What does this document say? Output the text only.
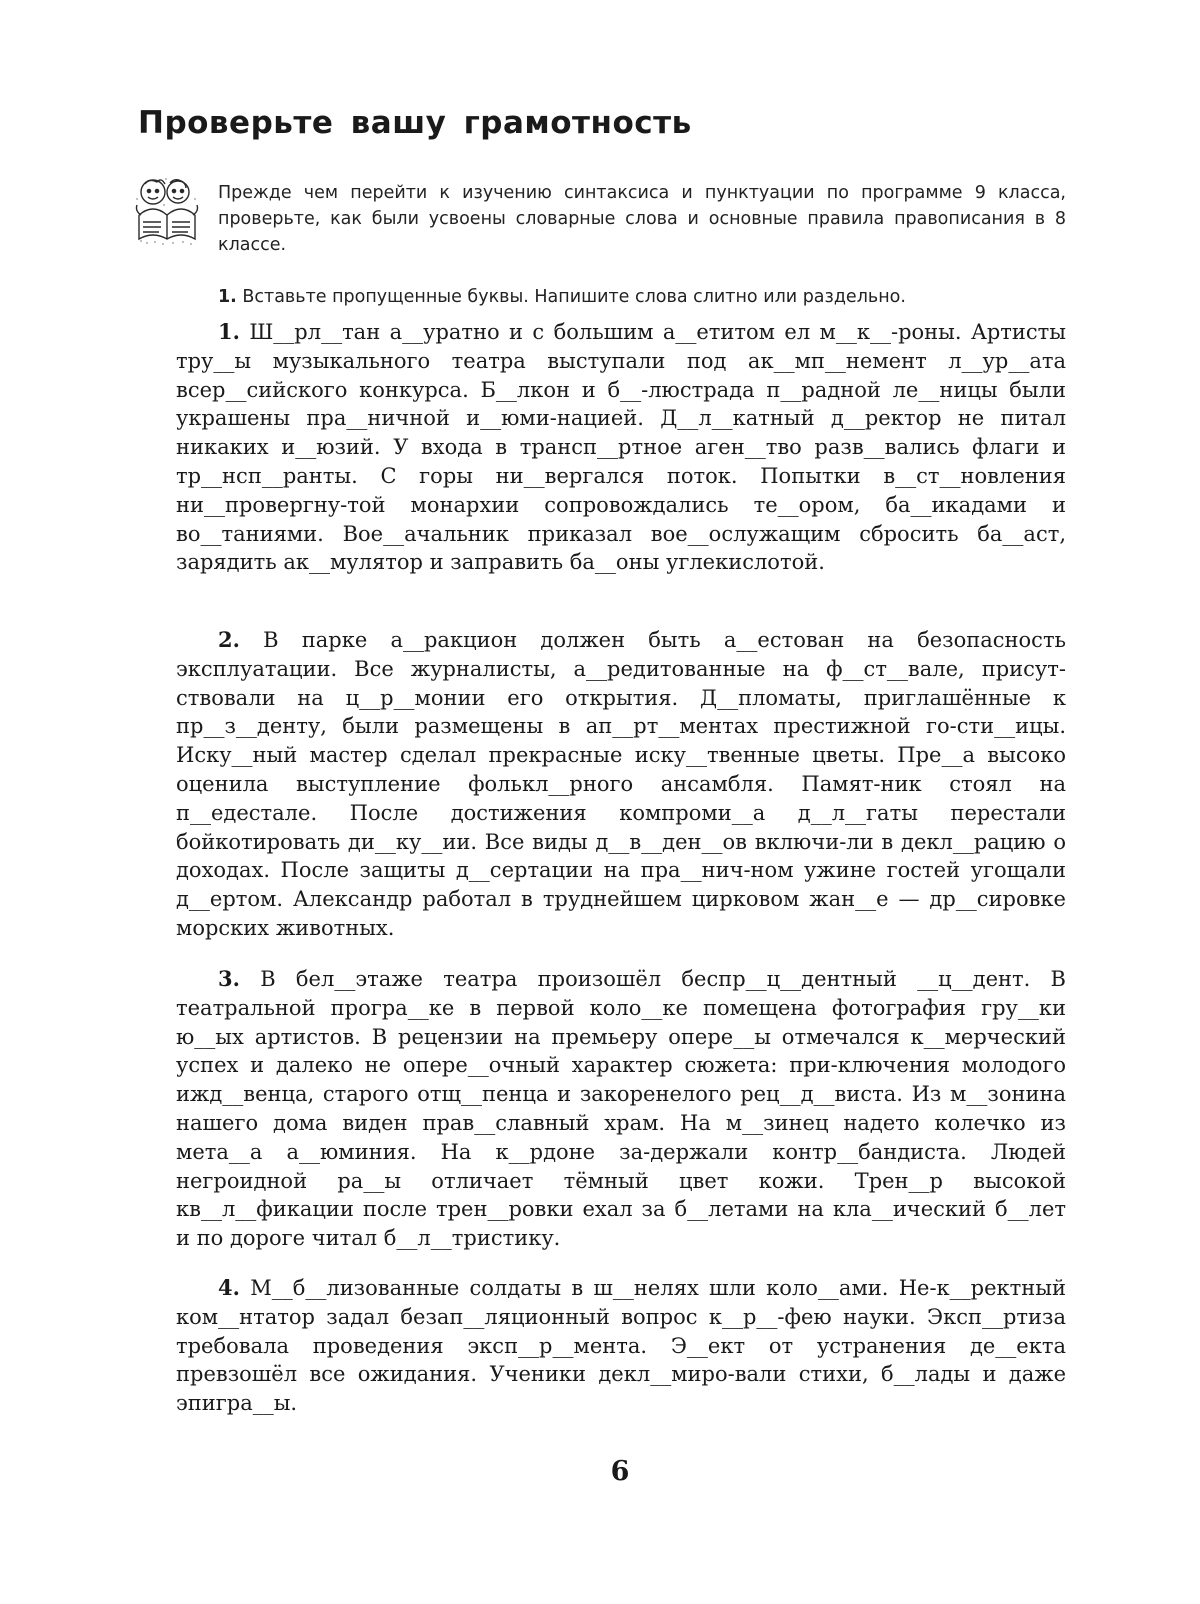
Проверьте вашу грамотность

Прежде чем перейти к изучению синтаксиса и пунктуации по программе 9 класса, проверьте, как были усвоены словарные слова и основные правила правописания в 8 классе.

1. Вставьте пропущенные буквы. Напишите слова слитно или раздельно.

1. Ш__рл__тан а__уратно и с большим а__етитом ел м__к__-роны. Артисты тру__ы музыкального театра выступали под ак__мп__немент л__ур__ата всер__сийского конкурса. Б__лкон и б__-люстрада п__радной ле__ницы были украшены пра__ничной и__юми-нацией. Д__л__катный д__ректор не питал никаких и__юзий. У входа в трансп__ртное аген__тво разв__вались флаги и тр__нсп__ранты. С горы ни__вергался поток. Попытки в__ст__новления ни__провергну-той монархии сопровождались те__ором, ба__икадами и во__таниями. Вое__ачальник приказал вое__ослужащим сбросить ба__аст, зарядить ак__мулятор и заправить ба__оны углекислотой.

2. В парке а__ракцион должен быть а__естован на безопасность эксплуатации. Все журналисты, а__редитованные на ф__ст__вале, присут-ствовали на ц__р__монии его открытия. Д__пломаты, приглашённые к пр__з__денту, были размещены в ап__рт__ментах престижной го-сти__ицы. Иску__ный мастер сделал прекрасные иску__твенные цветы. Пре__а высоко оценила выступление фолькл__рного ансамбля. Памят-ник стоял на п__едестале. После достижения компроми__а д__л__гаты перестали бойкотировать ди__ку__ии. Все виды д__в__ден__ов включи-ли в декл__рацию о доходах. После защиты д__сертации на пра__нич-ном ужине гостей угощали д__ертом. Александр работал в труднейшем цирковом жан__е — др__сировке морских животных.

3. В бел__этаже театра произошёл беспр__ц__дентный __ц__дент. В театральной програ__ке в первой коло__ке помещена фотография гру__ки ю__ых артистов. В рецензии на премьеру опере__ы отмечался к__мерческий успех и далеко не опере__очный характер сюжета: при-ключения молодого ижд__венца, старого отщ__пенца и закоренелого рец__д__виста. Из м__зонина нашего дома виден прав__славный храм. На м__зинец надето колечко из мета__а а__юминия. На к__рдоне за-держали контр__бандиста. Людей негроидной ра__ы отличает тёмный цвет кожи. Трен__р высокой кв__л__фикации после трен__ровки ехал за б__летами на кла__ический б__лет и по дороге читал б__л__тристику.

4. М__б__лизованные солдаты в ш__нелях шли коло__ами. Не-к__ректный ком__нтатор задал безап__ляционный вопрос к__р__-фею науки. Эксп__ртиза требовала проведения эксп__р__мента. Э__ект от устранения де__екта превзошёл все ожидания. Ученики декл__миро-вали стихи, б__лады и даже эпигра__ы.

6
